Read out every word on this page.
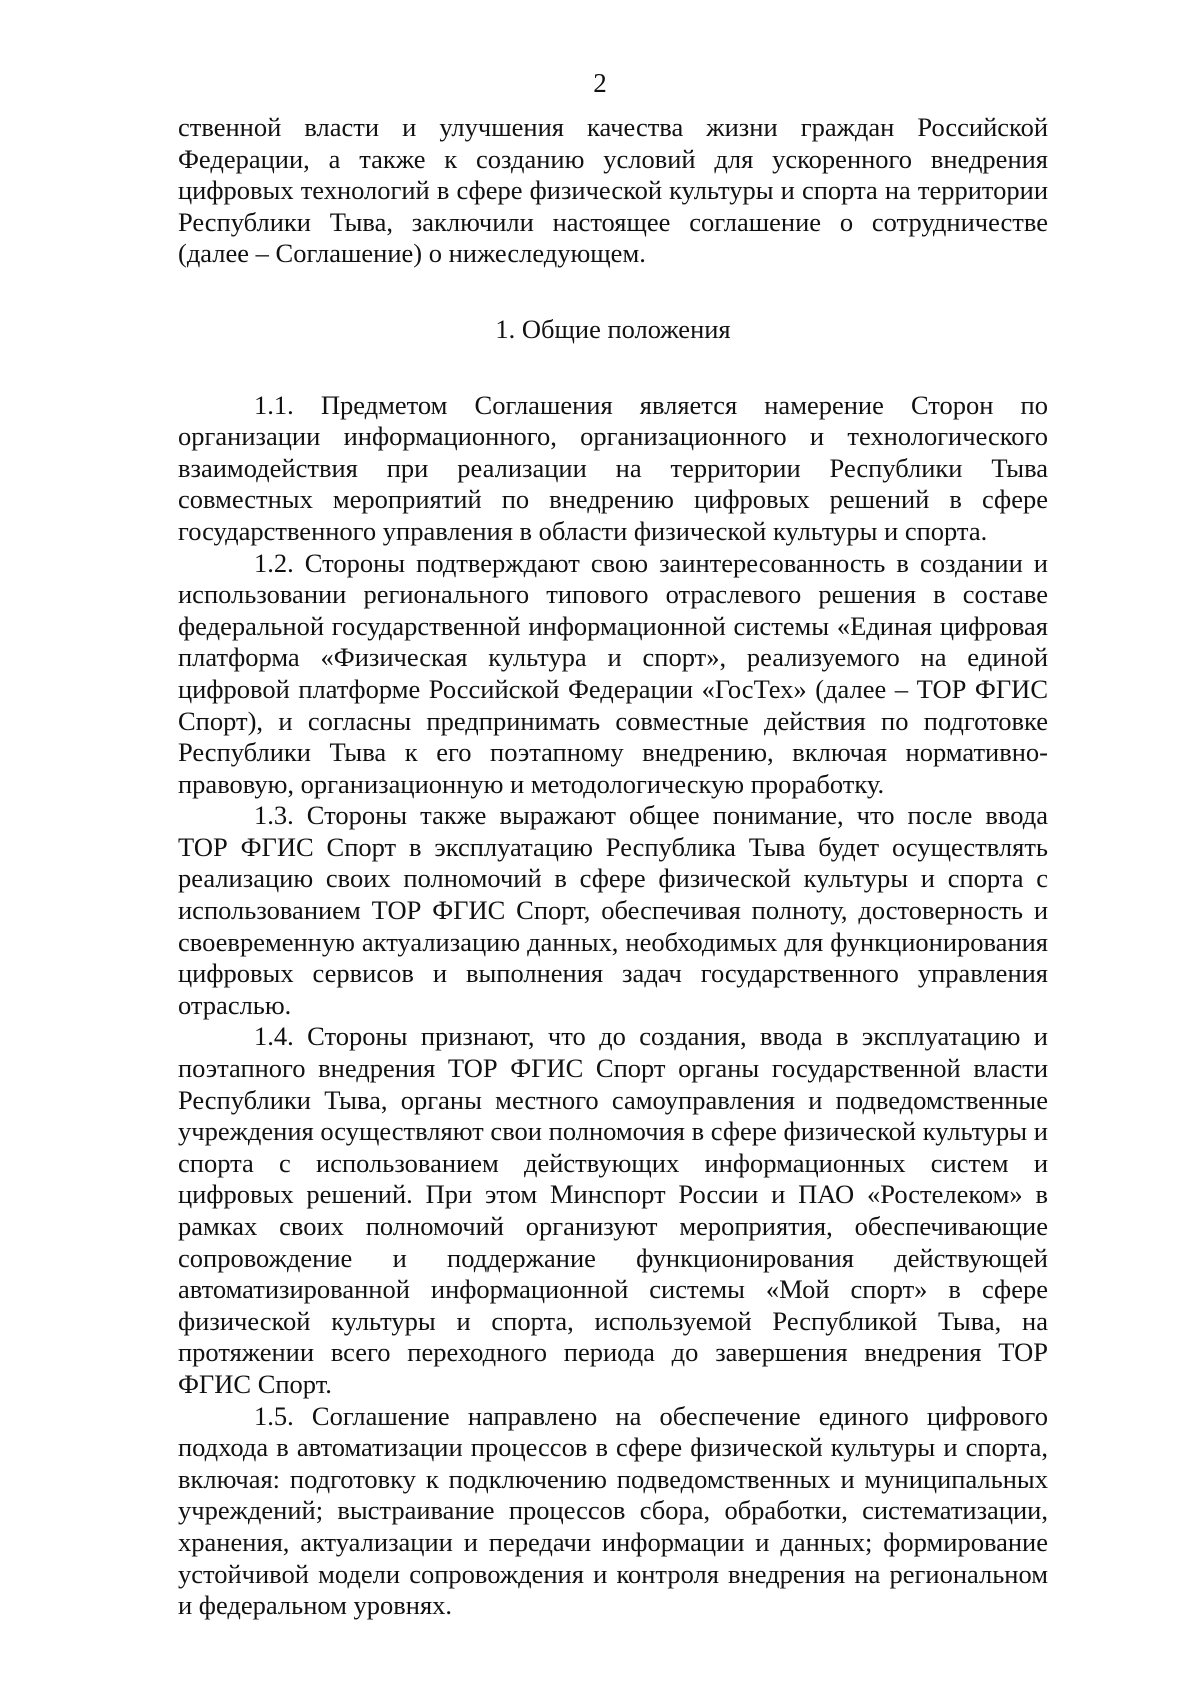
2

ственной власти и улучшения качества жизни граждан Российской Федерации, а также к созданию условий для ускоренного внедрения цифровых технологий в сфере физической культуры и спорта на территории Республики Тыва, заключили настоящее соглашение о сотрудничестве (далее – Соглашение) о нижеследующем.

1. Общие положения

1.1. Предметом Соглашения является намерение Сторон по организации информационного, организационного и технологического взаимодействия при реализации на территории Республики Тыва совместных мероприятий по внедрению цифровых решений в сфере государственного управления в области физической культуры и спорта.

1.2. Стороны подтверждают свою заинтересованность в создании и использовании регионального типового отраслевого решения в составе федеральной государственной информационной системы «Единая цифровая платформа «Физическая культура и спорт», реализуемого на единой цифровой платформе Российской Федерации «ГосТех» (далее – ТОР ФГИС Спорт), и согласны предпринимать совместные действия по подготовке Республики Тыва к его поэтапному внедрению, включая нормативно-правовую, организационную и методологическую проработку.

1.3. Стороны также выражают общее понимание, что после ввода ТОР ФГИС Спорт в эксплуатацию Республика Тыва будет осуществлять реализацию своих полномочий в сфере физической культуры и спорта с использованием ТОР ФГИС Спорт, обеспечивая полноту, достоверность и своевременную актуализацию данных, необходимых для функционирования цифровых сервисов и выполнения задач государственного управления отраслью.

1.4. Стороны признают, что до создания, ввода в эксплуатацию и поэтапного внедрения ТОР ФГИС Спорт органы государственной власти Республики Тыва, органы местного самоуправления и подведомственные учреждения осуществляют свои полномочия в сфере физической культуры и спорта с использованием действующих информационных систем и цифровых решений. При этом Минспорт России и ПАО «Ростелеком» в рамках своих полномочий организуют мероприятия, обеспечивающие сопровождение и поддержание функционирования действующей автоматизированной информационной системы «Мой спорт» в сфере физической культуры и спорта, используемой Республикой Тыва, на протяжении всего переходного периода до завершения внедрения ТОР ФГИС Спорт.

1.5. Соглашение направлено на обеспечение единого цифрового подхода в автоматизации процессов в сфере физической культуры и спорта, включая: подготовку к подключению подведомственных и муниципальных учреждений; выстраивание процессов сбора, обработки, систематизации, хранения, актуализации и передачи информации и данных; формирование устойчивой модели сопровождения и контроля внедрения на региональном и федеральном уровнях.
